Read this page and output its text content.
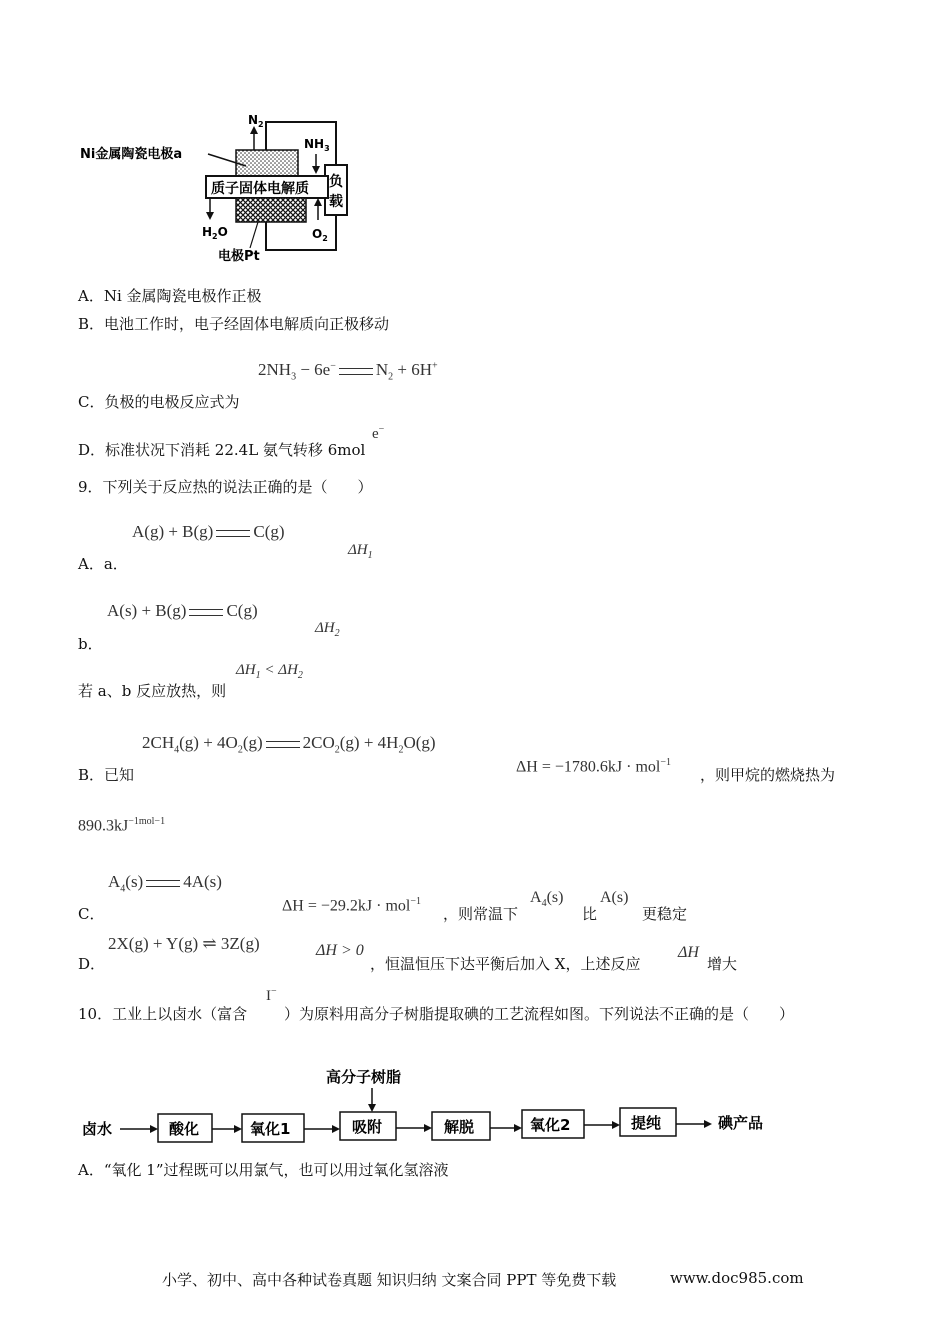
负
载
质子固体电解质
$N_2$
$NH_3$
$H_2O$	$O_2$
Ni金属陶瓷电极a
电极Pt
A．Ni 金属陶瓷电极作正极
B．电池工作时，电子经固体电解质向正极移动
$2NH_3 - 6e^-$ $N_2 + 6H^+$
C．负极的电极反应式为
D．标准状况下消耗 22.4L 氨气转移 6mol
e−
9．下列关于反应热的说法正确的是（　　）
A(g) + B(g) C(g)
$\Delta H_1$
A．a．
A(s) + B(g) C(g)
$\Delta H_2$
b．
$\Delta H_1 < \Delta H_2$
若 a、b 反应放热，则
$2CH_4(g) + 4O_2(g) 2CO_2(g) + 4H_2O(g)$
B．已知	ΔH = −1780.6kJ · mol$^{-1}$
，则甲烷的燃烧热为
$890.3kJ^{-1mol-1}$
$A_4(s)$ 4A(s)
C．	ΔH = −29.2kJ · mol$^{-1}$
，则常温下
$A_4(s)$
比
A(s)
更稳定
2X(g) + Y(g) ⇌ 3Z(g)
D．
ΔH > 0
，恒温恒压下达平衡后加入 X，上述反应
ΔH
增大
10．工业上以卤水（富含
I−
）为原料用高分子树脂提取碘的工艺流程如图。下列说法不正确的是（　　）
高分子树脂
卤水	酸化	氧化1	吸附	解脱	氧化2	提纯	碘产品
A．“氧化 1”过程既可以用氯气，也可以用过氧化氢溶液
小学、初中、高中各种试卷真题 知识归纳 文案合同 PPT 等免费下载	www.doc985.com
